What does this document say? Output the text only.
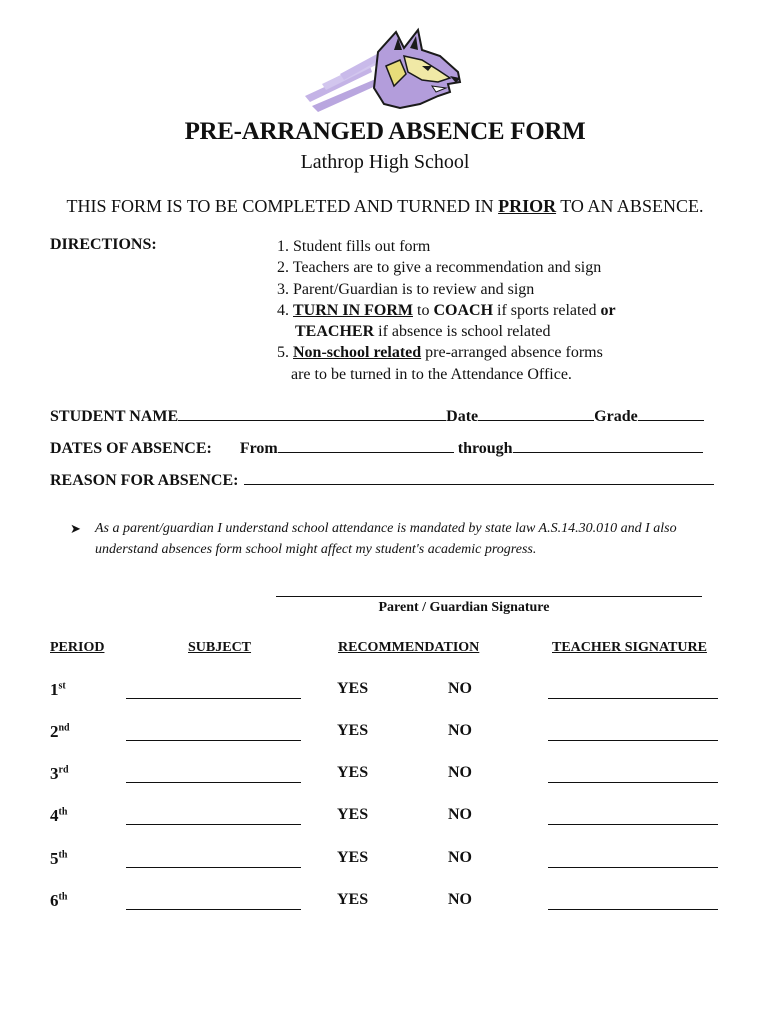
PRE-ARRANGED ABSENCE FORM
Lathrop High School
THIS FORM IS TO BE COMPLETED AND TURNED IN PRIOR TO AN ABSENCE.
DIRECTIONS:	1. Student fills out form
2. Teachers are to give a recommendation and sign
3. Parent/Guardian is to review and sign
4. TURN IN FORM to COACH if sports related or
TEACHER if absence is school related
5. Non-school related pre-arranged absence forms
are to be turned in to the Attendance Office.
STUDENT NAME	Date	Grade
DATES OF ABSENCE: From	through
REASON FOR ABSENCE:
➤ As a parent/guardian I understand school attendance is mandated by state law A.S.14.30.010 and I also understand absences form school might affect my student's academic progress.
Parent / Guardian Signature
PERIOD	SUBJECT	RECOMMENDATION	TEACHER SIGNATURE
1st	YES	NO
2nd	YES	NO
3rd	YES	NO
4th	YES	NO
5th	YES	NO
6th	YES	NO
